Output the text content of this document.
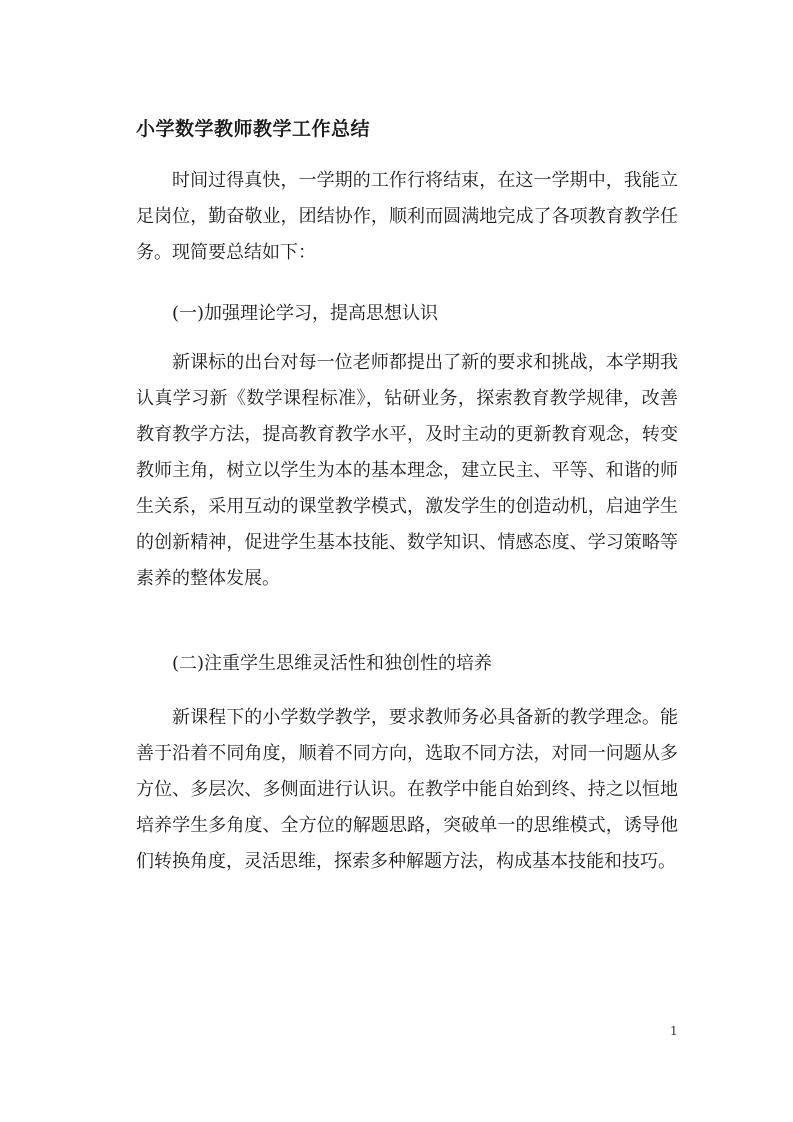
小学数学教师教学工作总结

时间过得真快，一学期的工作行将结束，在这一学期中，我能立足岗位，勤奋敬业，团结协作，顺利而圆满地完成了各项教育教学任务。现简要总结如下：

(一)加强理论学习，提高思想认识

新课标的出台对每一位老师都提出了新的要求和挑战，本学期我认真学习新《数学课程标准》，钻研业务，探索教育教学规律，改善教育教学方法，提高教育教学水平，及时主动的更新教育观念，转变教师主角，树立以学生为本的基本理念，建立民主、平等、和谐的师生关系，采用互动的课堂教学模式，激发学生的创造动机，启迪学生的创新精神，促进学生基本技能、数学知识、情感态度、学习策略等素养的整体发展。

(二)注重学生思维灵活性和独创性的培养

新课程下的小学数学教学，要求教师务必具备新的教学理念。能善于沿着不同角度，顺着不同方向，选取不同方法，对同一问题从多方位、多层次、多侧面进行认识。在教学中能自始到终、持之以恒地培养学生多角度、全方位的解题思路，突破单一的思维模式，诱导他们转换角度，灵活思维，探索多种解题方法，构成基本技能和技巧。

1
